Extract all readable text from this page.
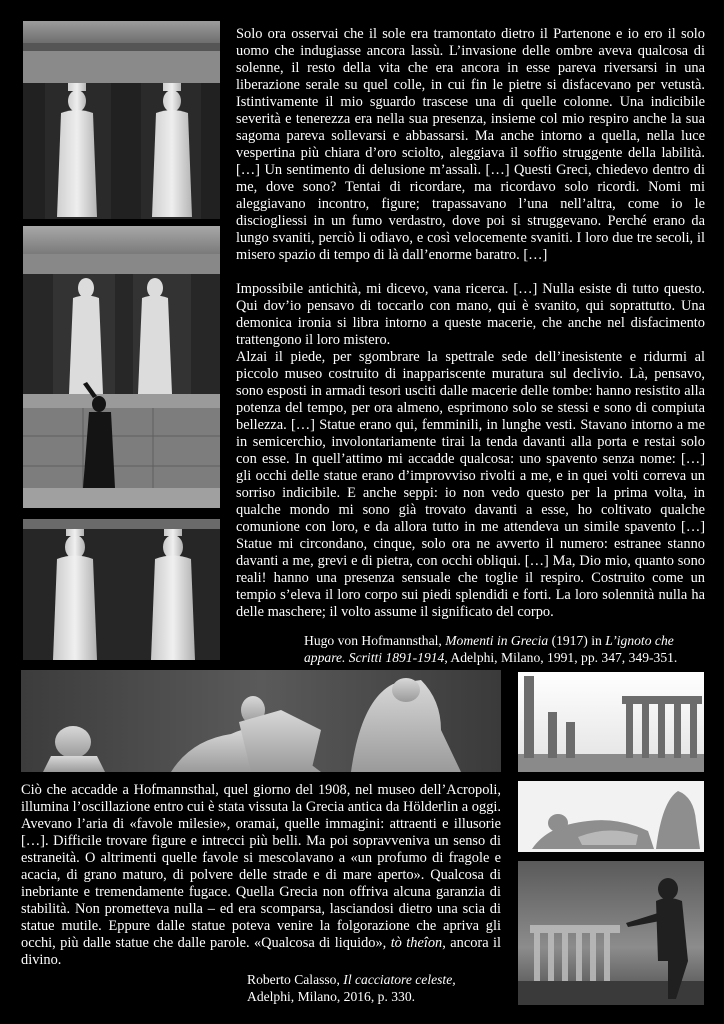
Solo ora osservai che il sole era tramontato dietro il Partenone e io ero il solo uomo che indugiasse ancora lassù. L’invasione delle ombre aveva qualcosa di solenne, il resto della vita che era ancora in esse pareva riversarsi in una liberazione serale su quel colle, in cui fin le pietre si disfacevano per vetustà. Istintivamente il mio sguardo trascese una di quelle colonne. Una indicibile severità e tenerezza era nella sua presenza, insieme col mio respiro anche la sua sagoma pareva sollevarsi e abbassarsi. Ma anche intorno a quella, nella luce vespertina più chiara d’oro sciolto, aleggiava il soffio struggente della labilità. […] Un sentimento di delusione m’assalì. […] Questi Greci, chiedevo dentro di me, dove sono? Tentai di ricordare, ma ricordavo solo ricordi. Nomi mi aleggiavano incontro, figure; trapassavano l’una nell’altra, come io le disciogliessi in un fumo verdastro, dove poi si struggevano. Perché erano da lungo svaniti, perciò li odiavo, e così velocemente svaniti. I loro due tre secoli, il misero spazio di tempo di là dall’enorme baratro. […]

Impossibile antichità, mi dicevo, vana ricerca. […] Nulla esiste di tutto questo. Qui dov’io pensavo di toccarlo con mano, qui è svanito, qui soprattutto. Una demonica ironia si libra intorno a queste macerie, che anche nel disfacimento trattengono il loro mistero.

Alzai il piede, per sgombrare la spettrale sede dell’inesistente e ridurmi al piccolo museo costruito di inappariscente muratura sul declivio. Là, pensavo, sono esposti in armadi tesori usciti dalle macerie delle tombe: hanno resistito alla potenza del tempo, per ora almeno, esprimono solo se stessi e sono di compiuta bellezza. […] Statue erano qui, femminili, in lunghe vesti. Stavano intorno a me in semicerchio, involontariamente tirai la tenda davanti alla porta e restai solo con esse. In quell’attimo mi accadde qualcosa: uno spavento senza nome: […] gli occhi delle statue erano d’improvviso rivolti a me, e in quei volti correva un sorriso indicibile. E anche seppi: io non vedo questo per la prima volta, in qualche mondo mi sono già trovato davanti a esse, ho coltivato qualche comunione con loro, e da allora tutto in me attendeva un simile spavento […] Statue mi circondano, cinque, solo ora ne avverto il numero: estranee stanno davanti a me, grevi e di pietra, con occhi obliqui. […] Ma, Dio mio, quanto sono reali! hanno una presenza sensuale che toglie il respiro. Costruito come un tempio s’eleva il loro corpo sui piedi splendidi e forti. La loro solennità nulla ha delle maschere; il volto assume il significato del corpo.

Hugo von Hofmannsthal, Momenti in Grecia (1917) in L’ignoto che appare. Scritti 1891-1914, Adelphi, Milano, 1991, pp. 347, 349-351.

Ciò che accadde a Hofmannsthal, quel giorno del 1908, nel museo dell’Acropoli, illumina l’oscillazione entro cui è stata vissuta la Grecia antica da Hölderlin a oggi. Avevano l’aria di «favole milesie», oramai, quelle immagini: attraenti e illusorie […]. Difficile trovare figure e intrecci più belli. Ma poi sopravveniva un senso di estraneità. O altrimenti quelle favole si mescolavano a «un profumo di fragole e acacia, di grano maturo, di polvere delle strade e di mare aperto». Qualcosa di inebriante e tremendamente fugace. Quella Grecia non offriva alcuna garanzia di stabilità. Non prometteva nulla – ed era scomparsa, lasciandosi dietro una scia di statue mutile. Eppure dalle statue poteva venire la folgorazione che apriva gli occhi, più dalle statue che dalle parole. «Qualcosa di liquido», tò theîon, ancora il divino.

Roberto Calasso, Il cacciatore celeste,
Adelphi, Milano, 2016, p. 330.
